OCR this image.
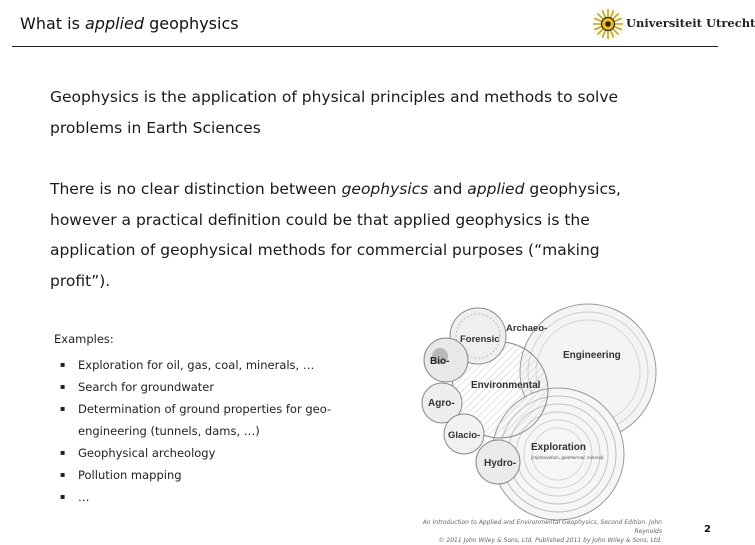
What is applied geophysics	Universiteit Utrecht
Geophysics is the application of physical principles and methods to solve problems in Earth Sciences
There is no clear distinction between geophysics and applied geophysics, however a practical definition could be that applied geophysics is the application of geophysical methods for commercial purposes (“making profit”).
Examples:
▪ Exploration for oil, gas, coal, minerals, …
▪ Search for groundwater
▪ Determination of ground properties for geo-engineering (tunnels, dams, …)
▪ Geophysical archeology
▪ Pollution mapping
▪ …
Archaeo-
Forensic
Bio-
Engineering
Environmental
Agro-
Glacio-
Exploration
(Hydrocarbon, geothermal, mineral)
Hydro-
An Introduction to Applied and Environmental Geophysics, Second Edition. John Reynolds
© 2011 John Wiley & Sons, Ltd. Published 2011 by John Wiley & Sons, Ltd.
2
